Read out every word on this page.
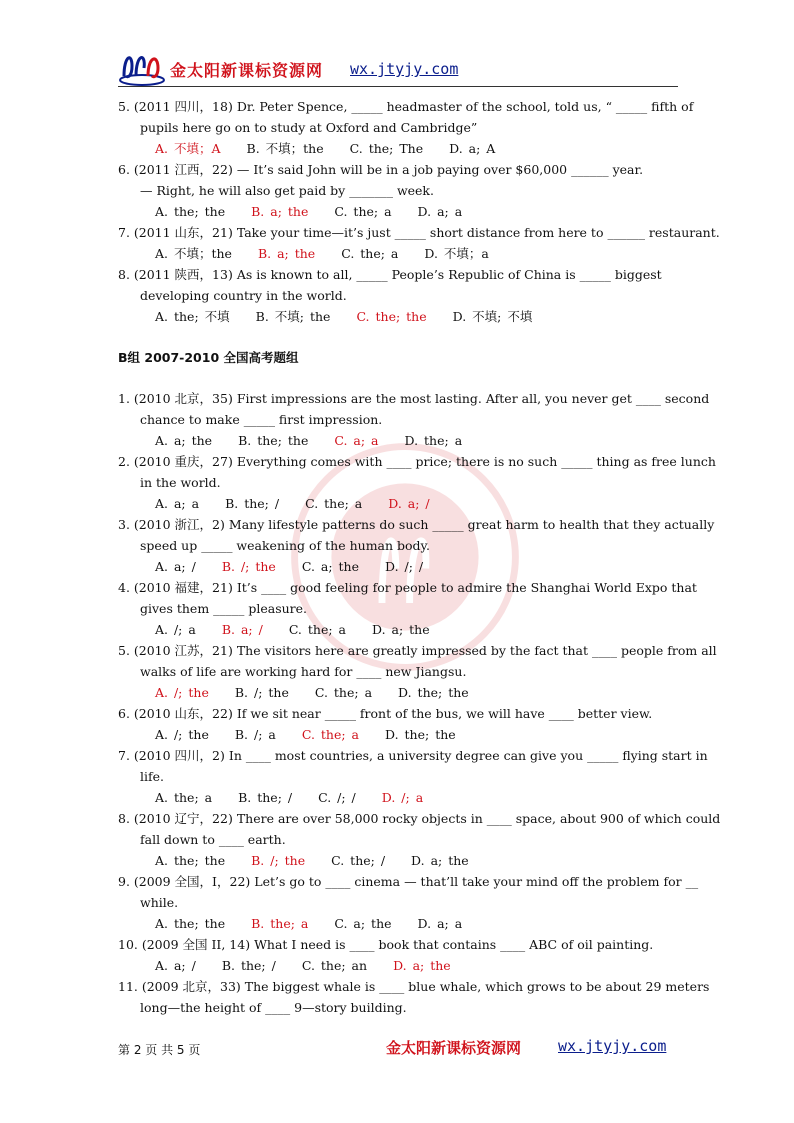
金太阳新课标资源网 wx.jtyjy.com
5. (2011 四川，18) Dr. Peter Spence, _____ headmaster of the school, told us, “ _____ fifth of
pupils here go on to study at Oxford and Cambridge”
A. 不填；A B. 不填；the C. the; The D. a; A
6. (2011 江西，22) — It’s said John will be in a job paying over $60,000 ______ year.
— Right, he will also get paid by _______ week.
A. the; the B. a; the C. the; a D. a; a
7. (2011 山东，21) Take your time—it’s just _____ short distance from here to ______ restaurant.
A. 不填；the B. a; the C. the; a D. 不填；a
8. (2011 陕西，13) As is known to all, _____ People’s Republic of China is _____ biggest
developing country in the world.
A. the; 不填 B. 不填; the C. the; the D. 不填; 不填
B组 2007-2010 全国高考题组
1. (2010 北京，35) First impressions are the most lasting. After all, you never get ____ second
chance to make _____ first impression.
A. a; the B. the; the C. a; a D. the; a
2. (2010 重庆，27) Everything comes with ____ price; there is no such _____ thing as free lunch
in the world.
A. a; a B. the; / C. the; a D. a; /
3. (2010 浙江，2) Many lifestyle patterns do such _____ great harm to health that they actually
speed up _____ weakening of the human body.
A. a; / B. /; the C. a; the D. /; /
4. (2010 福建，21) It’s ____ good feeling for people to admire the Shanghai World Expo that
gives them _____ pleasure.
A. /; a B. a; / C. the; a D. a; the
5. (2010 江苏，21) The visitors here are greatly impressed by the fact that ____ people from all
walks of life are working hard for ____ new Jiangsu.
A. /; the B. /; the C. the; a D. the; the
6. (2010 山东，22) If we sit near _____ front of the bus, we will have ____ better view.
A. /; the B. /; a C. the; a D. the; the
7. (2010 四川，2) In ____ most countries, a university degree can give you _____ flying start in
life.
A. the; a B. the; / C. /; / D. /; a
8. (2010 辽宁，22) There are over 58,000 rocky objects in ____ space, about 900 of which could
fall down to ____ earth.
A. the; the B. /; the C. the; / D. a; the
9. (2009 全国，I，22) Let’s go to ____ cinema — that’ll take your mind off the problem for __
while.
A. the; the B. the; a C. a; the D. a; a
10. (2009 全国 II, 14) What I need is ____ book that contains ____ ABC of oil painting.
A. a; / B. the; / C. the; an D. a; the
11. (2009 北京，33) The biggest whale is ____ blue whale, which grows to be about 29 meters
long—the height of ____ 9—story building.
第 2 页 共 5 页	金太阳新课标资源网 wx.jtyjy.com
